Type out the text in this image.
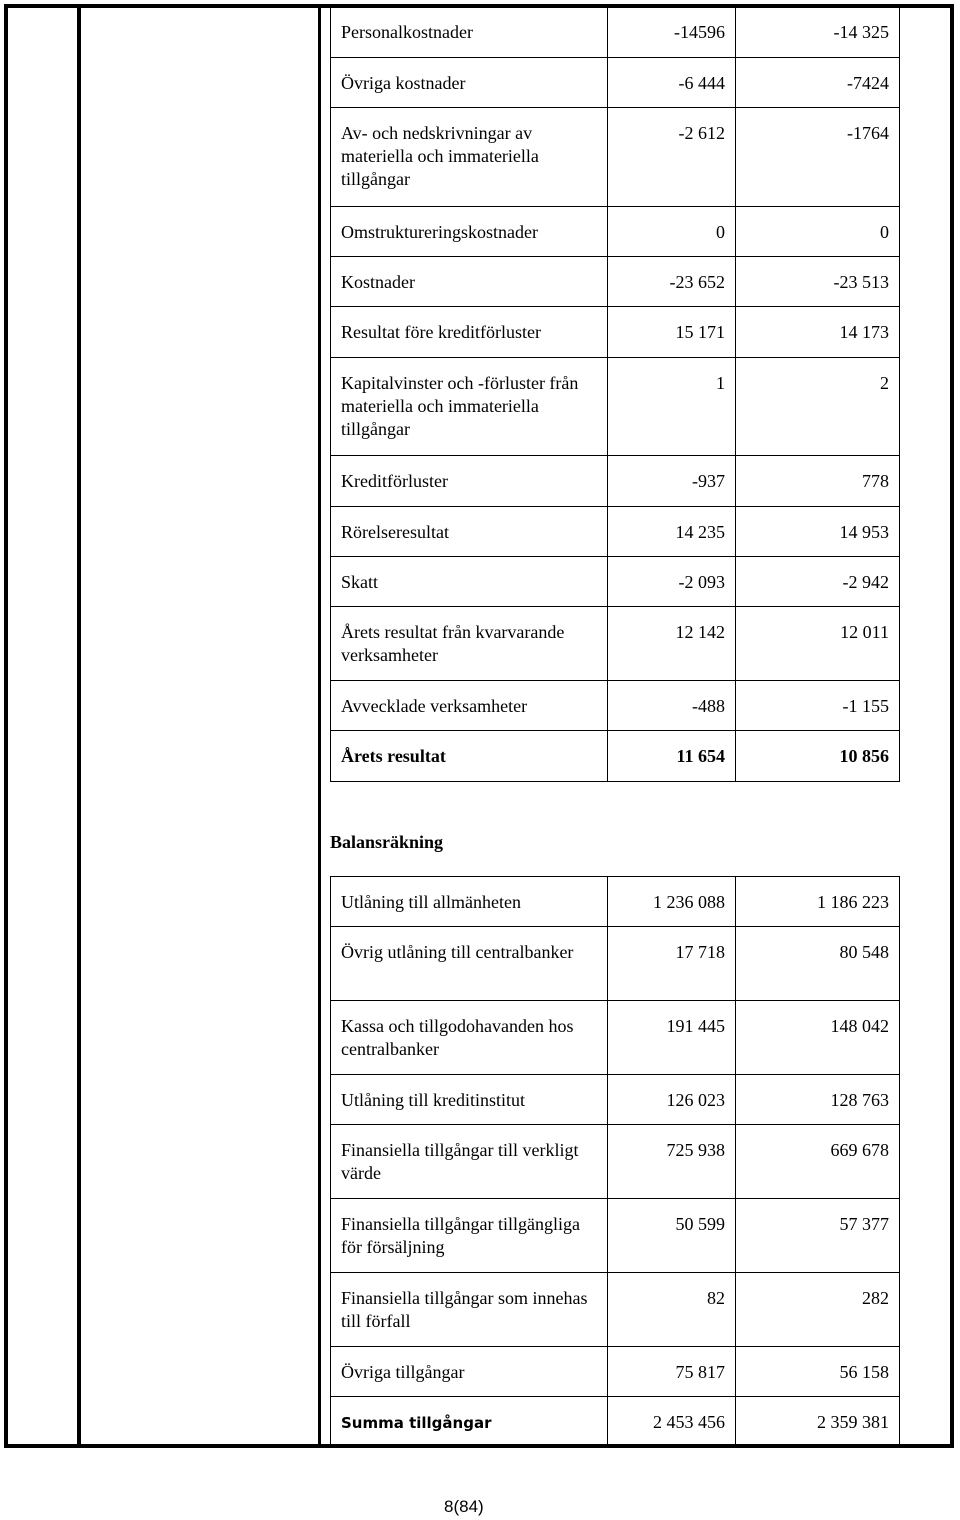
Personalkostnader	-14596	-14 325
Övriga kostnader	-6 444	-7424
Av- och nedskrivningar av materiella och immateriella tillgångar	-2 612	-1764
Omstruktureringskostnader	0	0
Kostnader	-23 652	-23 513
Resultat före kreditförluster	15 171	14 173
Kapitalvinster och -förluster från materiella och immateriella tillgångar	1	2
Kreditförluster	-937	778
Rörelseresultat	14 235	14 953
Skatt	-2 093	-2 942
Årets resultat från kvarvarande verksamheter	12 142	12 011
Avvecklade verksamheter	-488	-1 155
Årets resultat	11 654	10 856
Balansräkning
Utlåning till allmänheten	1 236 088	1 186 223
Övrig utlåning till centralbanker	17 718	80 548
Kassa och tillgodohavanden hos centralbanker	191 445	148 042
Utlåning till kreditinstitut	126 023	128 763
Finansiella tillgångar till verkligt värde	725 938	669 678
Finansiella tillgångar tillgängliga för försäljning	50 599	57 377
Finansiella tillgångar som innehas till förfall	82	282
Övriga tillgångar	75 817	56 158
Summa tillgångar	2 453 456	2 359 381
8(84)
